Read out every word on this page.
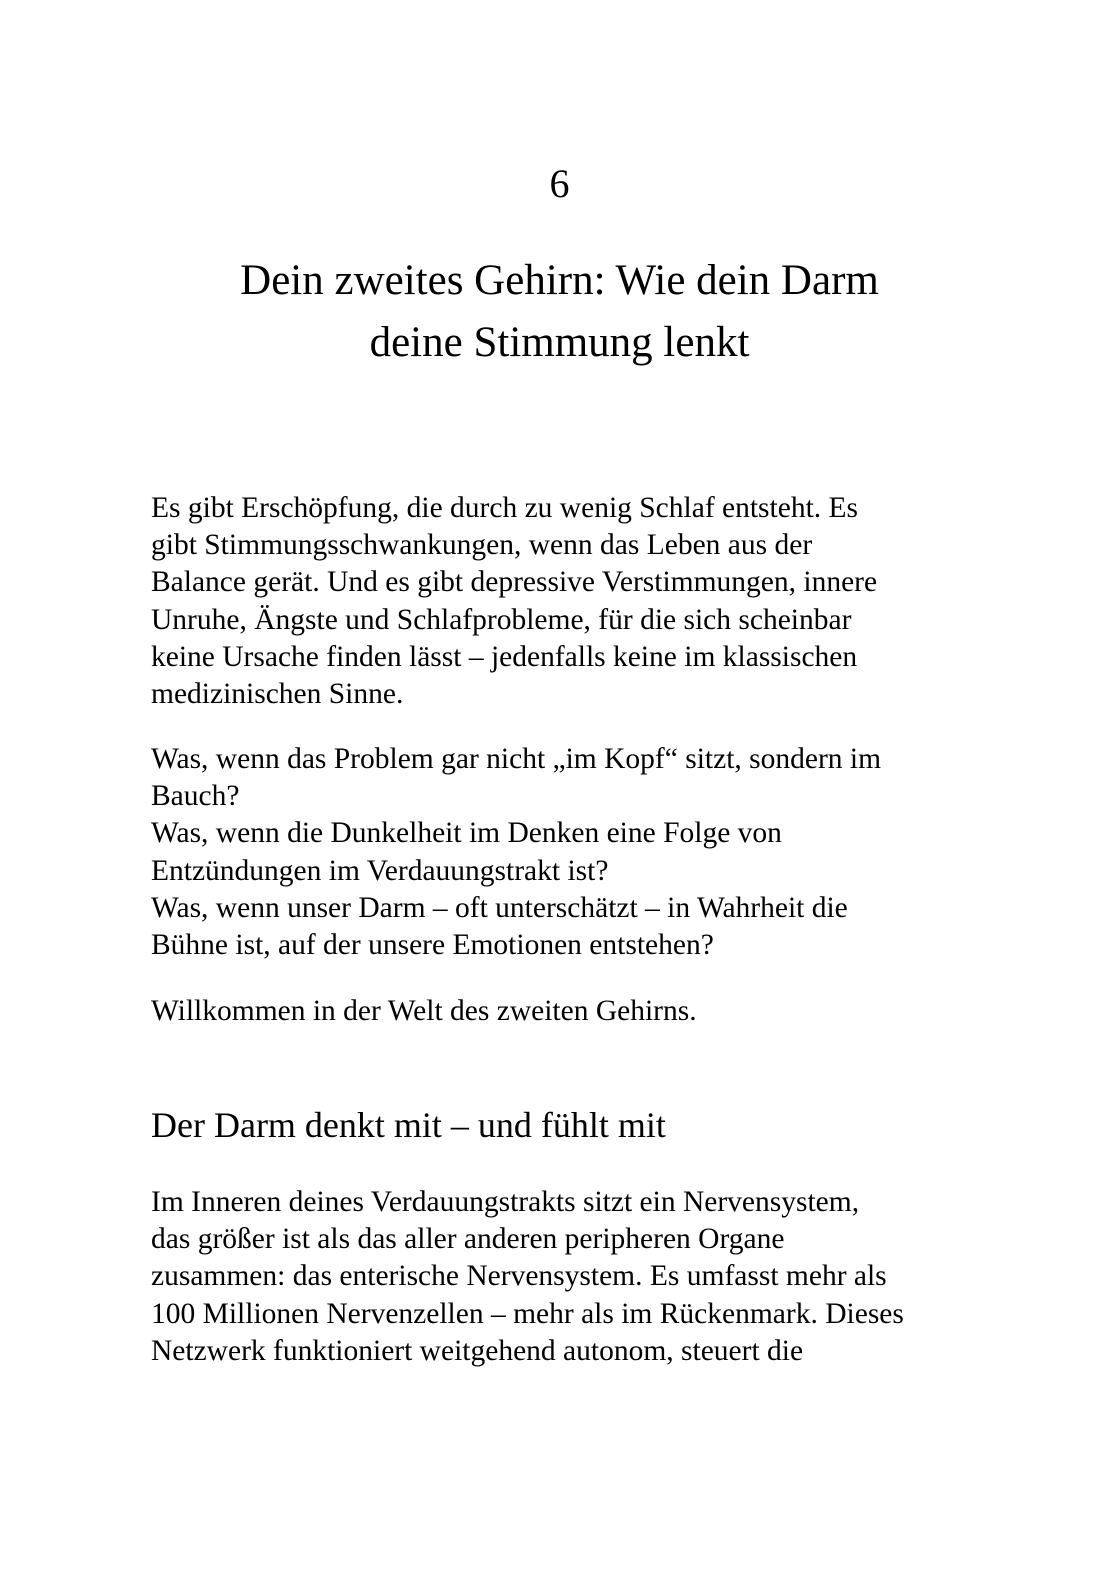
6
Dein zweites Gehirn: Wie dein Darm
deine Stimmung lenkt
Es gibt Erschöpfung, die durch zu wenig Schlaf entsteht. Es
gibt Stimmungsschwankungen, wenn das Leben aus der
Balance gerät. Und es gibt depressive Verstimmungen, innere
Unruhe, Ängste und Schlafprobleme, für die sich scheinbar
keine Ursache finden lässt – jedenfalls keine im klassischen
medizinischen Sinne.
Was, wenn das Problem gar nicht „im Kopf“ sitzt, sondern im
Bauch?
Was, wenn die Dunkelheit im Denken eine Folge von
Entzündungen im Verdauungstrakt ist?
Was, wenn unser Darm – oft unterschätzt – in Wahrheit die
Bühne ist, auf der unsere Emotionen entstehen?
Willkommen in der Welt des zweiten Gehirns.
Der Darm denkt mit – und fühlt mit
Im Inneren deines Verdauungstrakts sitzt ein Nervensystem,
das größer ist als das aller anderen peripheren Organe
zusammen: das enterische Nervensystem. Es umfasst mehr als
100 Millionen Nervenzellen – mehr als im Rückenmark. Dieses
Netzwerk funktioniert weitgehend autonom, steuert die
